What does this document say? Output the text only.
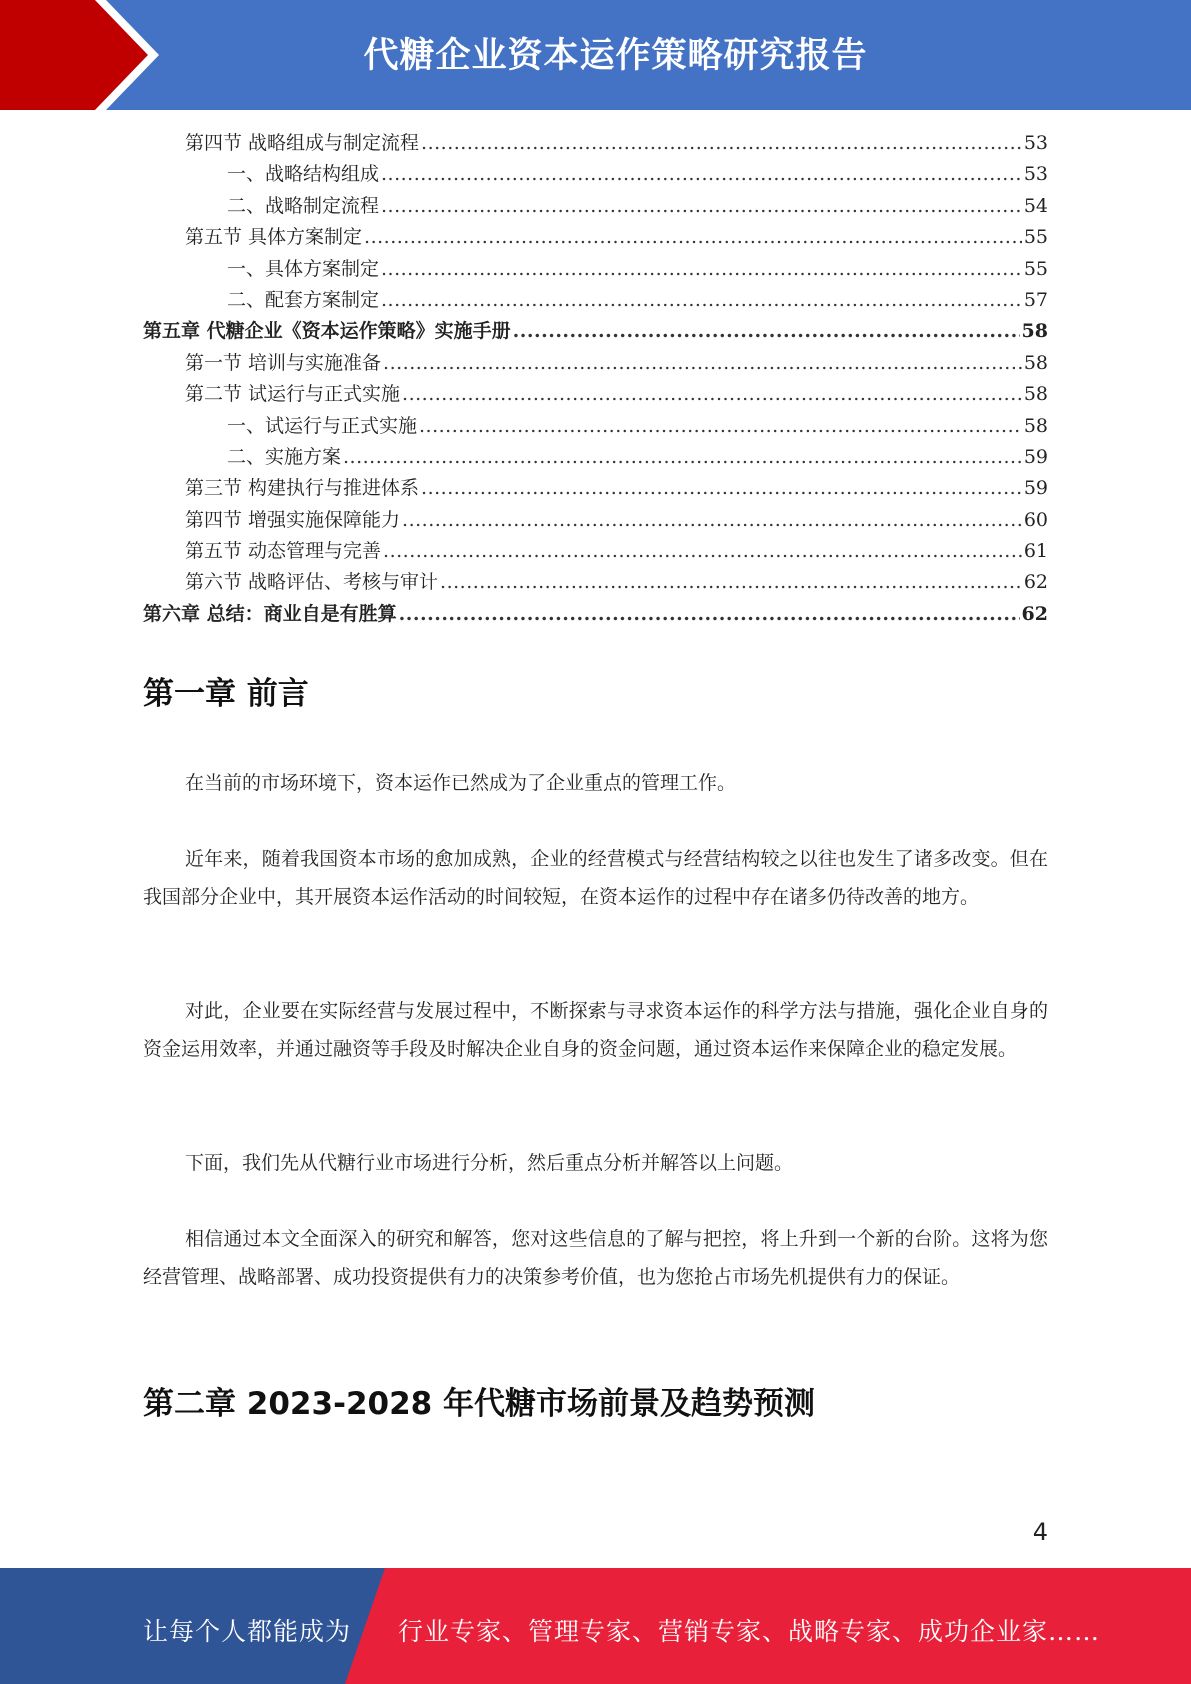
代糖企业资本运作策略研究报告
第四节 战略组成与制定流程 .....	53
一、战略结构组成 .....	53
二、战略制定流程 .....	54
第五节 具体方案制定 .....	55
一、具体方案制定 .....	55
二、配套方案制定 .....	57
第五章 代糖企业《资本运作策略》实施手册 .....	58
第一节 培训与实施准备 .....	58
第二节 试运行与正式实施 .....	58
一、试运行与正式实施 .....	58
二、实施方案 .....	59
第三节 构建执行与推进体系 .....	59
第四节 增强实施保障能力 .....	60
第五节 动态管理与完善 .....	61
第六节 战略评估、考核与审计 .....	62
第六章 总结：商业自是有胜算 .....	62
第一章 前言

在当前的市场环境下，资本运作已然成为了企业重点的管理工作。

近年来，随着我国资本市场的愈加成熟，企业的经营模式与经营结构较之以往也发生了诸多改变。但在我国部分企业中，其开展资本运作活动的时间较短，在资本运作的过程中存在诸多仍待改善的地方。

对此，企业要在实际经营与发展过程中，不断探索与寻求资本运作的科学方法与措施，强化企业自身的资金运用效率，并通过融资等手段及时解决企业自身的资金问题，通过资本运作来保障企业的稳定发展。

下面，我们先从代糖行业市场进行分析，然后重点分析并解答以上问题。

相信通过本文全面深入的研究和解答，您对这些信息的了解与把控，将上升到一个新的台阶。这将为您经营管理、战略部署、成功投资提供有力的决策参考价值，也为您抢占市场先机提供有力的保证。

第二章 2023-2028 年代糖市场前景及趋势预测
4
让每个人都能成为 行业专家、管理专家、营销专家、战略专家、成功企业家……
